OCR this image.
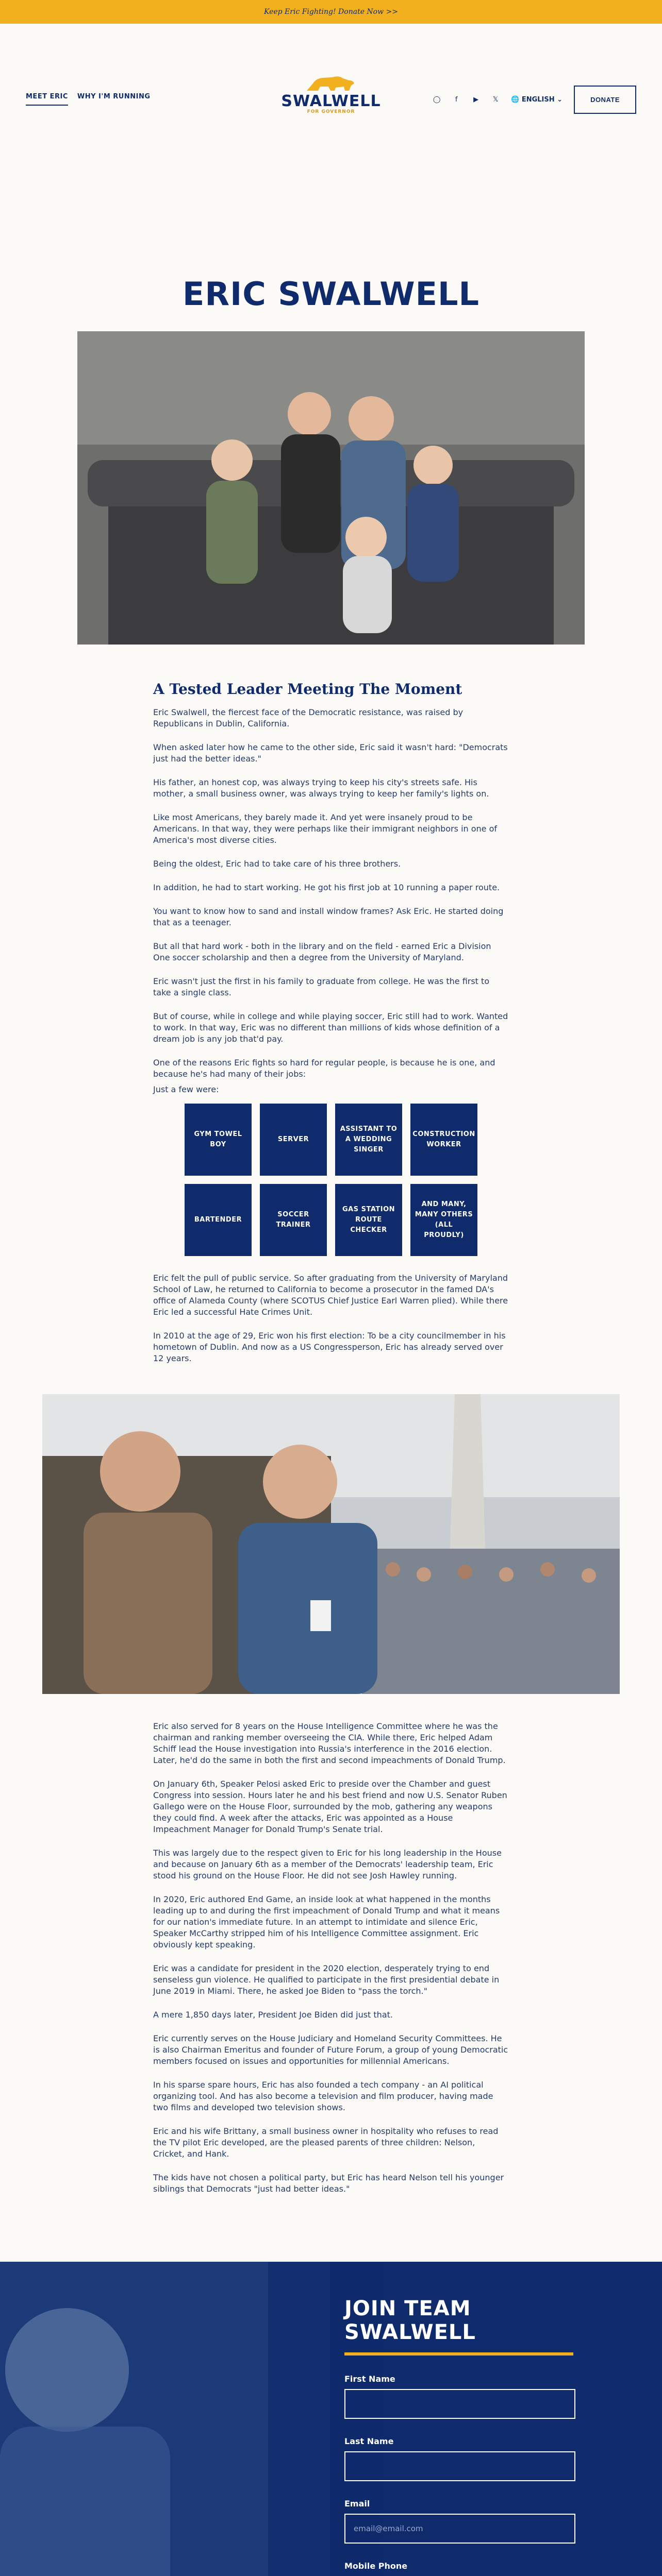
Keep Eric Fighting! Donate Now >>
MEET ERIC WHY I'M RUNNING	SWALWELL
FOR GOVERNOR
◯	f	▶ 𝕏 🌐 ENGLISH ⌄	DONATE
ERIC SWALWELL
A Tested Leader Meeting The Moment

Eric Swalwell, the fiercest face of the Democratic resistance, was raised by Republicans in Dublin, California.

When asked later how he came to the other side, Eric said it wasn't hard: "Democrats just had the better ideas."

His father, an honest cop, was always trying to keep his city's streets safe. His mother, a small business owner, was always trying to keep her family's lights on.

Like most Americans, they barely made it. And yet were insanely proud to be Americans. In that way, they were perhaps like their immigrant neighbors in one of America's most diverse cities.

Being the oldest, Eric had to take care of his three brothers.

In addition, he had to start working. He got his first job at 10 running a paper route.

You want to know how to sand and install window frames? Ask Eric. He started doing that as a teenager.

But all that hard work - both in the library and on the field - earned Eric a Division One soccer scholarship and then a degree from the University of Maryland.

Eric wasn't just the first in his family to graduate from college. He was the first to take a single class.

But of course, while in college and while playing soccer, Eric still had to work. Wanted to work. In that way, Eric was no different than millions of kids whose definition of a dream job is any job that'd pay.

One of the reasons Eric fights so hard for regular people, is because he is one, and because he's had many of their jobs:

Just a few were:

GYM TOWEL BOY
SERVER
ASSISTANT TO A WEDDING SINGER
CONSTRUCTION WORKER
BARTENDER
SOCCER TRAINER
GAS STATION ROUTE CHECKER
AND MANY, MANY OTHERS (ALL PROUDLY)

Eric felt the pull of public service. So after graduating from the University of Maryland School of Law, he returned to California to become a prosecutor in the famed DA's office of Alameda County (where SCOTUS Chief Justice Earl Warren plied). While there Eric led a successful Hate Crimes Unit.

In 2010 at the age of 29, Eric won his first election: To be a city councilmember in his hometown of Dublin. And now as a US Congressperson, Eric has already served over 12 years.

Eric also served for 8 years on the House Intelligence Committee where he was the chairman and ranking member overseeing the CIA. While there, Eric helped Adam Schiff lead the House investigation into Russia's interference in the 2016 election. Later, he'd do the same in both the first and second impeachments of Donald Trump.

On January 6th, Speaker Pelosi asked Eric to preside over the Chamber and guest Congress into session. Hours later he and his best friend and now U.S. Senator Ruben Gallego were on the House Floor, surrounded by the mob, gathering any weapons they could find. A week after the attacks, Eric was appointed as a House Impeachment Manager for Donald Trump's Senate trial.

This was largely due to the respect given to Eric for his long leadership in the House and because on January 6th as a member of the Democrats' leadership team, Eric stood his ground on the House Floor. He did not see Josh Hawley running.

In 2020, Eric authored End Game, an inside look at what happened in the months leading up to and during the first impeachment of Donald Trump and what it means for our nation's immediate future. In an attempt to intimidate and silence Eric, Speaker McCarthy stripped him of his Intelligence Committee assignment. Eric obviously kept speaking.

Eric was a candidate for president in the 2020 election, desperately trying to end senseless gun violence. He qualified to participate in the first presidential debate in June 2019 in Miami. There, he asked Joe Biden to "pass the torch."

A mere 1,850 days later, President Joe Biden did just that.

Eric currently serves on the House Judiciary and Homeland Security Committees. He is also Chairman Emeritus and founder of Future Forum, a group of young Democratic members focused on issues and opportunities for millennial Americans.

In his sparse spare hours, Eric has also founded a tech company - an AI political organizing tool. And has also become a television and film producer, having made two films and developed two television shows.

Eric and his wife Brittany, a small business owner in hospitality who refuses to read the TV pilot Eric developed, are the pleased parents of three children: Nelson, Cricket, and Hank.

The kids have not chosen a political party, but Eric has heard Nelson tell his younger siblings that Democrats "just had better ideas."

JOIN TEAM SWALWELL
First Name
Last Name
Email
email@email.com
Mobile Phone
